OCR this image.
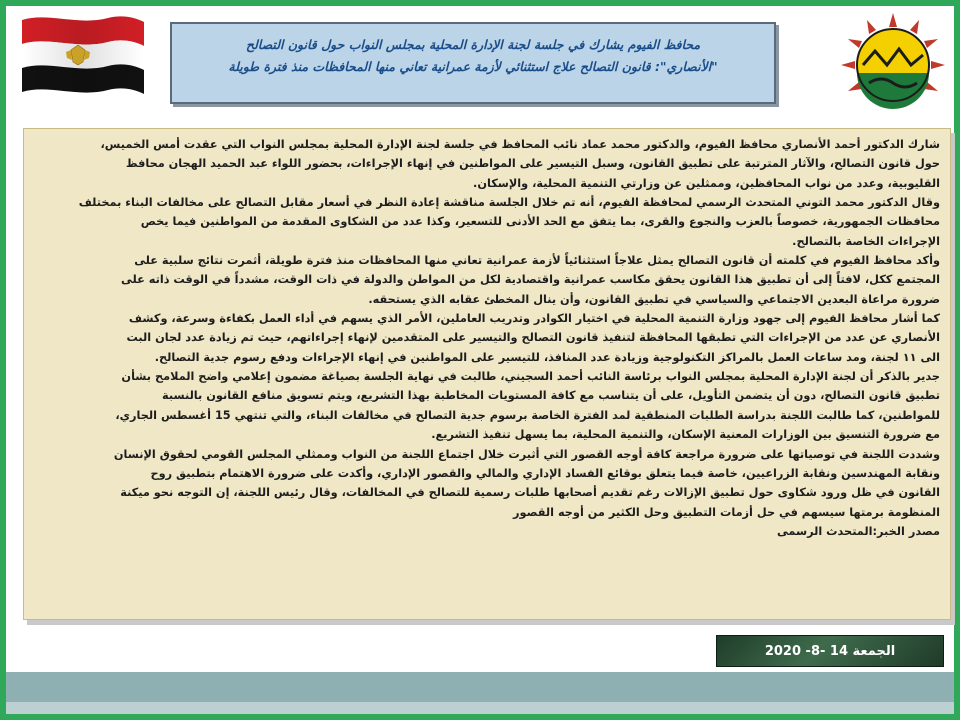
محافظ الفيوم يشارك في جلسة لجنة الإدارة المحلية بمجلس النواب حول قانون التصالح
"الأنصاري": قانون التصالح علاج استثنائي لأزمة عمرانية تعاني منها المحافظات منذ فترة طويلة

شارك الدكتور أحمد الأنصاري محافظ الفيوم، والدكتور محمد عماد نائب المحافظ في جلسة لجنة الإدارة المحلية بمجلس النواب التي عقدت أمس الخميس،

حول قانون التصالح، والآثار المترتبة على تطبيق القانون، وسبل التيسير على المواطنين في إنهاء الإجراءات، بحضور اللواء عبد الحميد الهجان محافظ

القليوبية، وعدد من نواب المحافظين، وممثلين عن وزارتي التنمية المحلية، والإسكان.

وقال الدكتور محمد التوني المتحدث الرسمي لمحافظة الفيوم، أنه تم خلال الجلسة مناقشة إعادة النظر في أسعار مقابل التصالح على مخالفات البناء بمختلف

محافظات الجمهورية، خصوصاً بالعزب والنجوع والقرى، بما يتفق مع الحد الأدنى للتسعير، وكذا عدد من الشكاوى المقدمة من المواطنين فيما يخص

الإجراءات الخاصة بالتصالح.

وأكد محافظ الفيوم في كلمته أن قانون التصالح يمثل علاجاً استثنائياً لأزمة عمرانية تعاني منها المحافظات منذ فترة طويلة، أثمرت نتائج سلبية على

المجتمع ككل، لافتاً إلى أن تطبيق هذا القانون يحقق مكاسب عمرانية واقتصادية لكل من المواطن والدولة في ذات الوقت، مشدداً في الوقت ذاته على

ضرورة مراعاة البعدين الاجتماعي والسياسي في تطبيق القانون، وأن ينال المخطئ عقابه الذي يستحقه.

كما أشار محافظ الفيوم إلى جهود وزارة التنمية المحلية في اختيار الكوادر وتدريب العاملين، الأمر الذي يسهم في أداء العمل بكفاءة وسرعة، وكشف

الأنصاري عن عدد من الإجراءات التي تطبقها المحافظة لتنفيذ قانون التصالح والتيسير على المتقدمين لإنهاء إجراءاتهم، حيث تم زيادة عدد لجان البت

الى ١١ لجنة، ومد ساعات العمل بالمراكز التكنولوجية وزيادة عدد المنافذ، للتيسير على المواطنين في إنهاء الإجراءات ودفع رسوم جدية التصالح.

جدير بالذكر أن لجنة الإدارة المحلية بمجلس النواب برئاسة النائب أحمد السجيني، طالبت في نهاية الجلسة بصياغة مضمون إعلامي واضح الملامح بشأن

تطبيق قانون التصالح، دون أن يتضمن التأويل، على أن يتناسب مع كافة المستويات المخاطبة بهذا التشريع، ويتم تسويق منافع القانون بالنسبة

للمواطنين، كما طالبت اللجنة بدراسة الطلبات المنطقية لمد الفترة الخاصة برسوم جدية التصالح في مخالفات البناء، والتي تنتهي 15 أغسطس الجاري،

مع ضرورة التنسيق بين الوزارات المعنية الإسكان، والتنمية المحلية، بما يسهل تنفيذ التشريع.

وشددت اللجنة في توصياتها على ضرورة مراجعة كافة أوجه القصور التي أثيرت خلال اجتماع اللجنة من النواب وممثلي المجلس القومي لحقوق الإنسان

ونقابة المهندسين ونقابة الزراعيين، خاصة فيما يتعلق بوقائع الفساد الإداري والمالي والقصور الإداري، وأكدت على ضرورة الاهتمام بتطبيق روح

القانون في ظل ورود شكاوى حول تطبيق الإزالات رغم تقديم أصحابها طلبات رسمية للتصالح في المخالفات، وقال رئيس اللجنة، إن التوجه نحو ميكنة

المنظومة برمتها سيسهم في حل أزمات التطبيق وحل الكثير من أوجه القصور

مصدر الخبر:المتحدث الرسمى

الجمعة 14 -8- 2020
